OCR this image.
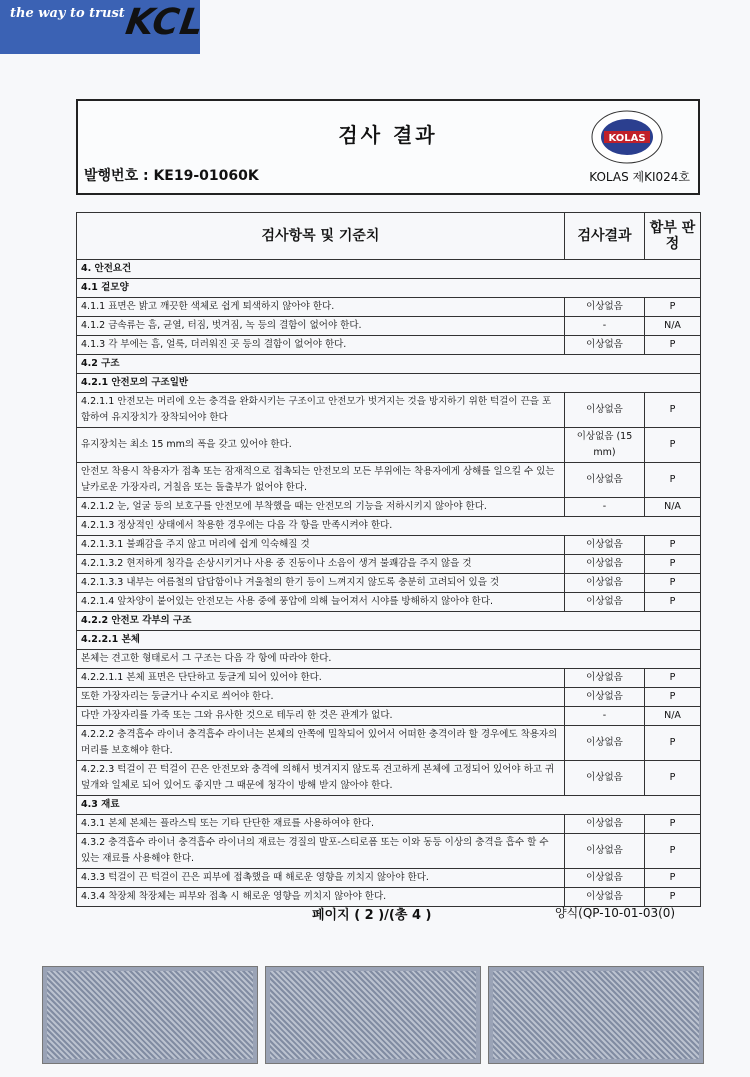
the way to trust
KCL
검사 결과	KOLAS
발행번호 : KE19-01060K	KOLAS 제KI024호
검사항목 및 기준치	검사결과	합부 판정
4. 안전요건		
4.1 겉모양		
4.1.1 표면은 밝고 깨끗한 색체로 쉽게 퇴색하지 않아야 한다.	이상없음	P
4.1.2 금속류는 흠, 균열, 터짐, 벗겨짐, 녹 등의 결함이 없어야 한다.	-	N/A
4.1.3 각 부에는 흠, 얼룩, 더러워진 곳 등의 결함이 없어야 한다.	이상없음	P
4.2 구조		
4.2.1 안전모의 구조일반		
4.2.1.1 안전모는 머리에 오는 충격을 완화시키는 구조이고 안전모가 벗겨지는 것을 방지하기 위한 턱걸이 끈을 포함하여 유지장치가 장착되어야 한다	이상없음	P
유지장치는 최소 15 mm의 폭을 갖고 있어야 한다.	이상없음 (15 mm)	P
안전모 착용시 착용자가 접촉 또는 잠재적으로 접촉되는 안전모의 모든 부위에는 착용자에게 상해를 일으킬 수 있는 날카로운 가장자리, 거칠음 또는 돌출부가 없어야 한다.	이상없음	P
4.2.1.2 눈, 얼굴 등의 보호구를 안전모에 부착했을 때는 안전모의 기능을 저하시키지 않아야 한다.	-	N/A
4.2.1.3 정상적인 상태에서 착용한 경우에는 다음 각 항을 만족시켜야 한다.		
4.2.1.3.1 불쾌감을 주지 않고 머리에 쉽게 익숙해질 것	이상없음	P
4.2.1.3.2 현저하게 청각을 손상시키거나 사용 중 진동이나 소음이 생겨 불쾌감을 주지 않을 것	이상없음	P
4.2.1.3.3 내부는 여름철의 답답함이나 겨울철의 한기 등이 느껴지지 않도록 충분히 고려되어 있을 것	이상없음	P
4.2.1.4 앞차양이 붙어있는 안전모는 사용 중에 풍압에 의해 늘어져서 시야를 방해하지 않아야 한다.	이상없음	P
4.2.2 안전모 각부의 구조		
4.2.2.1 본체		
본체는 견고한 형태로서 그 구조는 다음 각 항에 따라야 한다.		
4.2.2.1.1 본체 표면은 단단하고 둥글게 되어 있어야 한다.	이상없음	P
또한 가장자리는 둥글거나 수지로 씌어야 한다.	이상없음	P
다만 가장자리를 가죽 또는 그와 유사한 것으로 테두리 한 것은 관계가 없다.	-	N/A
4.2.2.2 충격흡수 라이너 충격흡수 라이너는 본체의 안쪽에 밀착되어 있어서 어떠한 충격이라 할 경우에도 착용자의 머리를 보호해야 한다.	이상없음	P
4.2.2.3 턱걸이 끈 턱걸이 끈은 안전모와 충격에 의해서 벗겨지지 않도록 견고하게 본체에 고정되어 있어야 하고 귀 덮개와 일체로 되어 있어도 좋지만 그 때문에 청각이 방해 받지 않아야 한다.	이상없음	P
4.3 재료		
4.3.1 본체 본체는 플라스틱 또는 기타 단단한 재료를 사용하여야 한다.	이상없음	P
4.3.2 충격흡수 라이너 충격흡수 라이너의 재료는 경질의 발포-스티로폼 또는 이와 동등 이상의 충격을 흡수 할 수 있는 재료를 사용해야 한다.	이상없음	P
4.3.3 턱걸이 끈 턱걸이 끈은 피부에 접촉했을 때 해로운 영향을 끼치지 않아야 한다.	이상없음	P
4.3.4 착장체 착장체는 피부와 접촉 시 해로운 영향을 끼치지 않아야 한다.	이상없음	P
페이지 ( 2 )/(총 4 )	양식(QP-10-01-03(0)
